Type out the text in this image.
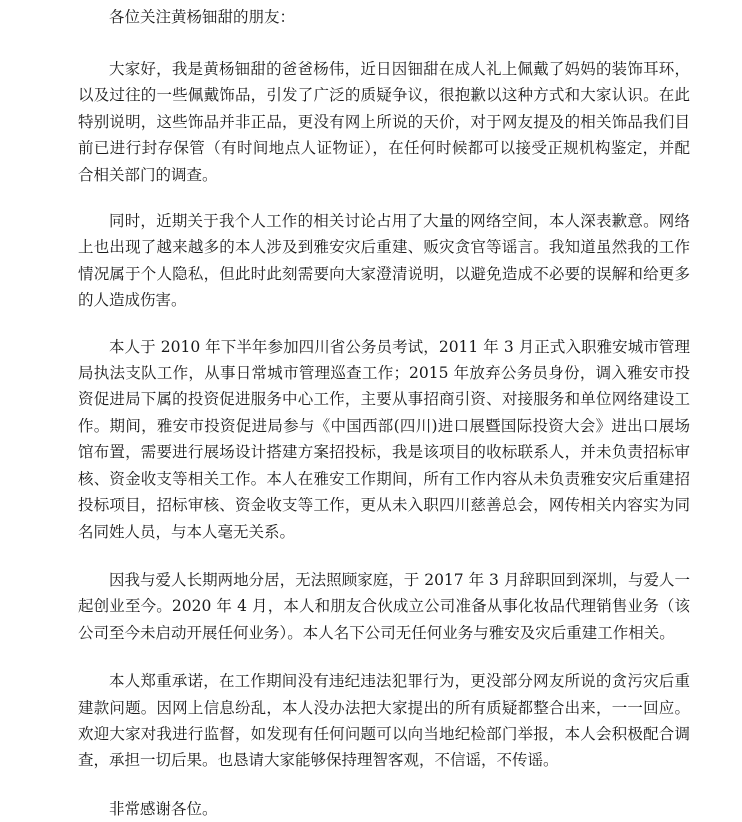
各位关注黄杨钿甜的朋友：

大家好，我是黄杨钿甜的爸爸杨伟，近日因钿甜在成人礼上佩戴了妈妈的装饰耳环，以及过往的一些佩戴饰品，引发了广泛的质疑争议，很抱歉以这种方式和大家认识。在此特别说明，这些饰品并非正品，更没有网上所说的天价，对于网友提及的相关饰品我们目前已进行封存保管（有时间地点人证物证），在任何时候都可以接受正规机构鉴定，并配合相关部门的调查。

同时，近期关于我个人工作的相关讨论占用了大量的网络空间，本人深表歉意。网络上也出现了越来越多的本人涉及到雅安灾后重建、贩灾贪官等谣言。我知道虽然我的工作情况属于个人隐私，但此时此刻需要向大家澄清说明，以避免造成不必要的误解和给更多的人造成伤害。

本人于 2010 年下半年参加四川省公务员考试，2011 年 3 月正式入职雅安城市管理局执法支队工作，从事日常城市管理巡查工作；2015 年放弃公务员身份，调入雅安市投资促进局下属的投资促进服务中心工作，主要从事招商引资、对接服务和单位网络建设工作。期间，雅安市投资促进局参与《中国西部(四川)进口展暨国际投资大会》进出口展场馆布置，需要进行展场设计搭建方案招投标，我是该项目的收标联系人，并未负责招标审核、资金收支等相关工作。本人在雅安工作期间，所有工作内容从未负责雅安灾后重建招投标项目，招标审核、资金收支等工作，更从未入职四川慈善总会，网传相关内容实为同名同姓人员，与本人毫无关系。

因我与爱人长期两地分居，无法照顾家庭，于 2017 年 3 月辞职回到深圳，与爱人一起创业至今。2020 年 4 月，本人和朋友合伙成立公司准备从事化妆品代理销售业务（该公司至今未启动开展任何业务）。本人名下公司无任何业务与雅安及灾后重建工作相关。

本人郑重承诺，在工作期间没有违纪违法犯罪行为，更没部分网友所说的贪污灾后重建款问题。因网上信息纷乱，本人没办法把大家提出的所有质疑都整合出来，一一回应。欢迎大家对我进行监督，如发现有任何问题可以向当地纪检部门举报，本人会积极配合调查，承担一切后果。也恳请大家能够保持理智客观，不信谣，不传谣。

非常感谢各位。
